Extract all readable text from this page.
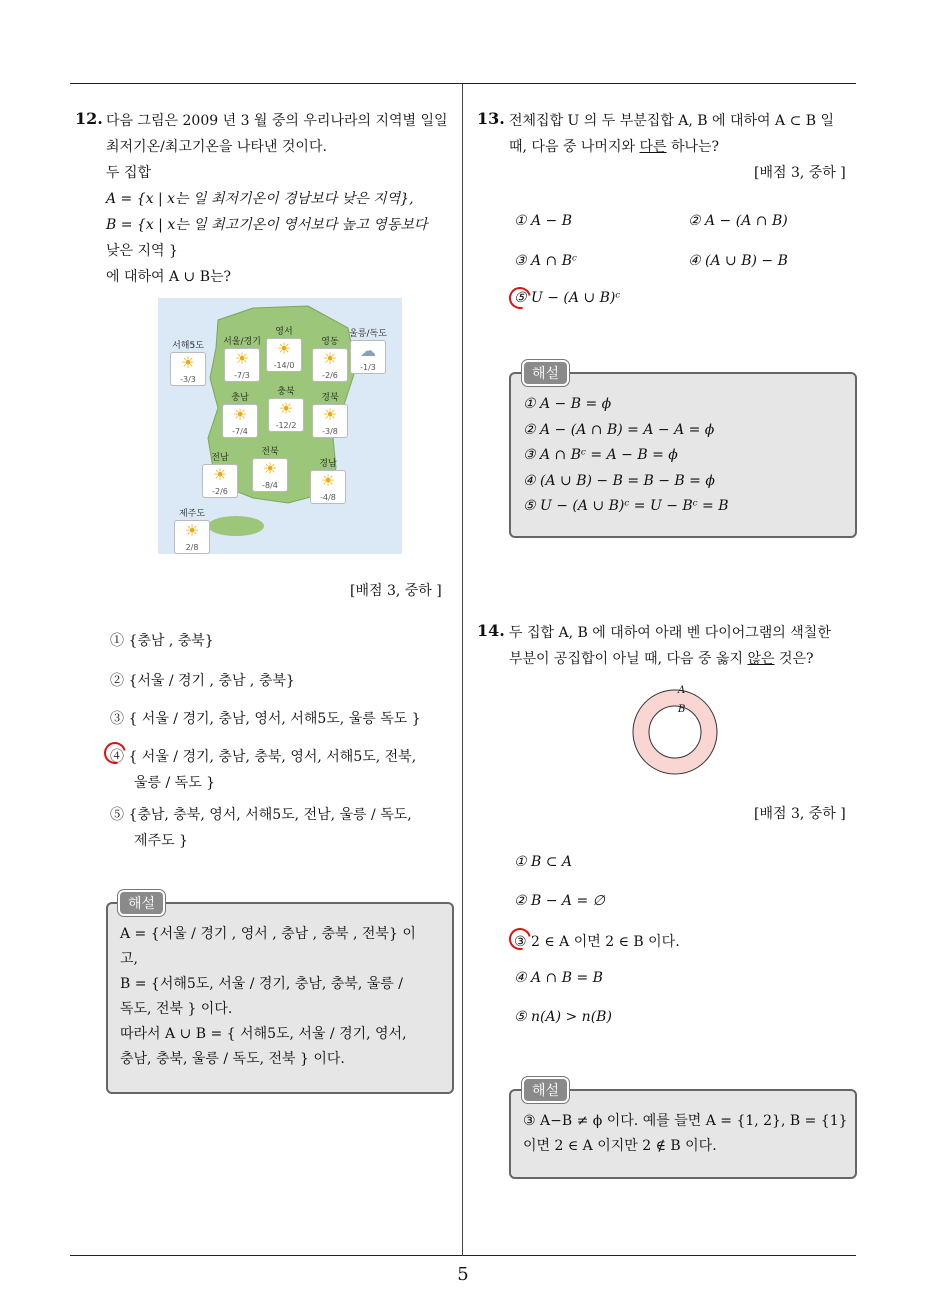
12. 다음 그림은 2009 년 3 월 중의 우리나라의 지역별 일일
최저기온/최고기온을 나타낸 것이다.
두 집합
A = {x | x는 일 최저기온이 경남보다 낮은 지역},
B = {x | x는 일 최고기온이 영서보다 높고 영동보다
낮은 지역 }
에 대하여 A ∪ B는?
서해5도
☀
-3/3
서울/경기
☀
-7/3
영서
☀
-14/0
영동
☀
-2/6
울릉/독도
☁
-1/3
충남
☀
-7/4
충북
☀
-12/2
경북
☀
-3/8
전남
☀
-2/6
전북
☀
-8/4
경남
☀
-4/8
제주도
☀
2/8
[배점 3, 중하 ]
① {충남 , 충북}
② {서울 / 경기 , 충남 , 충북}
③ { 서울 / 경기, 충남, 영서, 서해5도, 울릉 독도 }
④ { 서울 / 경기, 충남, 충북, 영서, 서해5도, 전북,
울릉 / 독도 }
⑤ {충남, 충북, 영서, 서해5도, 전남, 울릉 / 독도,
제주도 }
A = {서울 / 경기 , 영서 , 충남 , 충북 , 전북} 이
고,
B = {서해5도, 서울 / 경기, 충남, 충북, 울릉 /
독도, 전북 } 이다.
따라서 A ∪ B = { 서해5도, 서울 / 경기, 영서,
충남, 충북, 울릉 / 독도, 전북 } 이다.
해설
13. 전체집합 U 의 두 부분집합 A, B 에 대하여 A ⊂ B 일
때, 다음 중 나머지와 다른 하나는?
[배점 3, 중하 ]
① A − B	② A − (A ∩ B)
③ A ∩ Bᶜ	④ (A ∪ B) − B
⑤ U − (A ∪ B)ᶜ
① A − B = ϕ
② A − (A ∩ B) = A − A = ϕ
③ A ∩ Bᶜ = A − B = ϕ
④ (A ∪ B) − B = B − B = ϕ
⑤ U − (A ∪ B)ᶜ = U − Bᶜ = B
해설
14. 두 집합 A, B 에 대하여 아래 벤 다이어그램의 색칠한
부분이 공집합이 아닐 때, 다음 중 옳지 않은 것은?
A
B
[배점 3, 중하 ]
① B ⊂ A
② B − A = ∅
③ 2 ∈ A 이면 2 ∈ B 이다.
④ A ∩ B = B
⑤ n(A) > n(B)
③ A−B ≠ ϕ 이다. 예를 들면 A = {1, 2}, B = {1}
이면 2 ∈ A 이지만 2 ∉ B 이다.
해설
5
